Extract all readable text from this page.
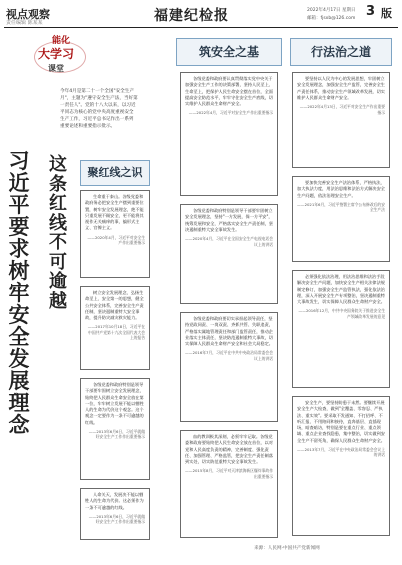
视点观察
责任编辑 陈某某	福建纪检报	2022年4月17日 星期日
邮箱：fjsxb@126.com 3 版
能化
大学习
课堂
今年4月是第二十一个全国"安全生产月"，主题为"遵守安全生产法，当好第一责任人"。党的十八大以来，以习近平同志为核心的党中央高度重视安全生产工作，习近平总书记作出一系列重要论述和重要指示批示。
习近平要求树牢安全发展理念
这条红线不可逾越
聚红线之识
筑安全之基	行法治之道

生命重于泰山。各级党委和政府务必把安全生产摆到重要位置，树牢安全发展理念，绝不能只重发展不顾安全，更不能将其视作无关痛痒的事，搞形式主义、官僚主义。

——2020年4月，习近平对安全生产作出重要指示

树立安全发展理念，弘扬生命至上、安全第一的思想，健全公共安全体系，完善安全生产责任制，坚决遏制重特大安全事故，提升防灾减灾救灾能力。

——2017年10月18日，习近平在中国共产党第十九次全国代表大会上的报告

各级党委和政府特别是领导干部要牢固树立安全发展理念，始终把人民群众生命安全放在第一位，牢牢树立发展不能以牺牲人的生命为代价这个观念。这个观念一定要作为一条不可逾越的红线。

——2013年6月6日，习近平就做好安全生产工作作出重要指示

人命关天，发展决不能以牺牲人的生命为代价。这必须作为一条不可逾越的红线。

——2013年6月6日，习近平就做好安全生产工作作出重要指示

各级党委和政府要认真贯彻落实党中央关于加强安全生产工作的决策部署，坚持人民至上、生命至上，把保护人民生命安全摆在首位，全面提高安全防范水平，牢牢守住安全生产底线，切实维护人民群众生命财产安全。

——2022年4月，习近平对安全生产作出重要指示

各级党委和政府特别是领导干部要牢固树立安全发展理念，坚持"一方发展，保一方平安"，统筹发展和安全，严格落实安全生产责任制，坚决遏制重特大安全事故发生。

——2020年4月，习近平在全国安全生产电视电话会议上的讲话

各级党委和政府要切实承担起领导责任，坚持党政同责、一岗双责、齐抓共管、失职追责，严格落实属地管理责任和部门监管责任，推动企业落实主体责任，坚决防范遏制重特大事故，切实保障人民群众生命财产安全和社会大局稳定。

——2016年7月，习近平在中共中央政治局常委会会议上的讲话

血的教训极其深刻，必须牢牢记取。各级党委和政府要始终把人民生命安全放在首位，以对党和人民高度负责的精神，完善制度、强化责任、加强管理、严格监管，把安全生产责任制落到实处，切实防范重特大安全事故发生。

——2015年8月，习近平对天津滨海新区爆炸事故作出重要指示

要坚持以人民为中心的发展思想，牢固树立安全发展理念，加强安全生产监管，完善安全生产责任体系，推动安全生产领域改革发展，切实维护人民群众生命财产安全。

——2022年4月13日，习近平对安全生产作出重要指示

要加快完善安全生产法治体系，严格执法，加大执法力度，用法治思维和法治方式解决安全生产问题，依法治理安全生产。

——2021年6月，习近平签署主席令公布修改后的安全生产法

必须强化依法治理，用法治思维和法治手段解决安全生产问题，加快安全生产相关法律法规制定修订，加强安全生产监管执法，强化依法治理，深入开展安全生产专项整治，坚决遏制重特大事故发生，切实保障人民群众生命财产安全。

——2016年12月，中共中央国务院关于推进安全生产领域改革发展的意见

安全生产，要坚持防患于未然。要继续开展安全生产大检查，做到"全覆盖、零容忍、严执法、重实效"。要采取不发通知、不打招呼、不听汇报、不用陪同和接待，直奔基层、直插现场，暗查暗访，特别是要在重点行业、重点领域、重点企业查找隐患，集中整治，切实做到安全生产不留死角，确保人民群众生命财产安全。

——2013年7月，习近平在中央政治局常委会会议上的讲话
来源：人民网·中国共产党新闻网
